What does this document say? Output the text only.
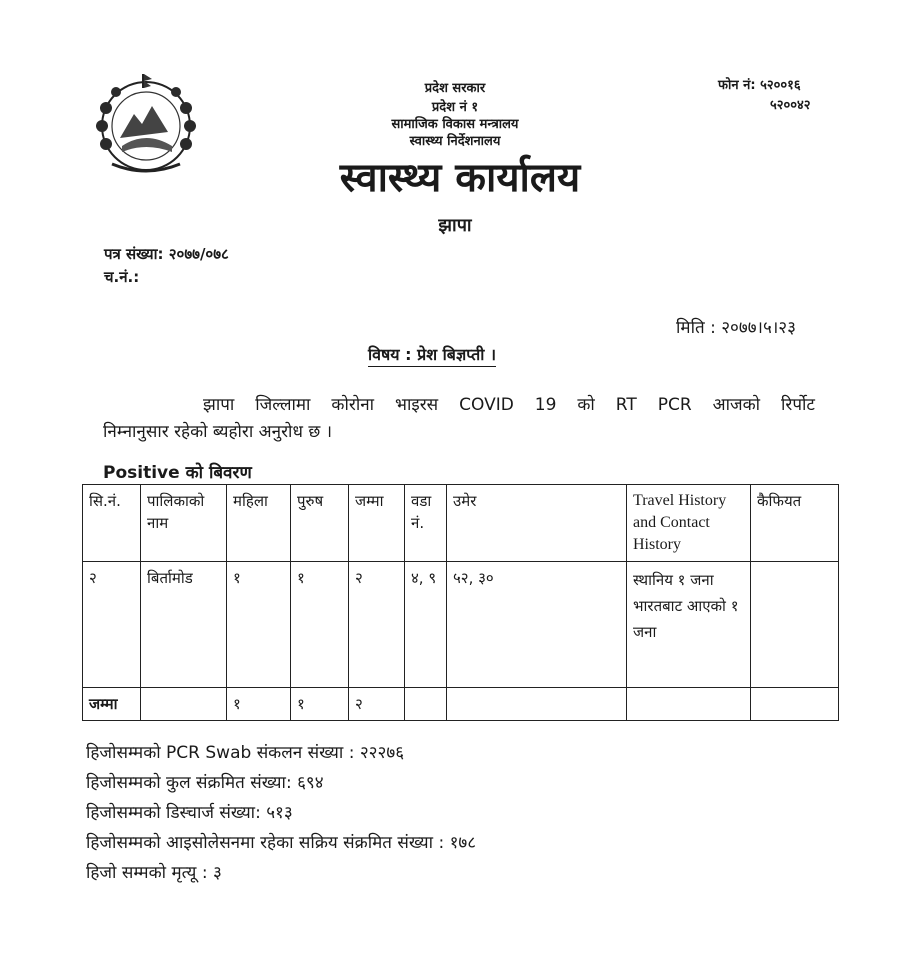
प्रदेश सरकार
प्रदेश नं १
सामाजिक विकास मन्त्रालय
स्वास्थ्य निर्देशनालय
स्वास्थ्य कार्यालय
झापा
फोन नं: ५२००१६
५२००४२
पत्र संख्या: २०७७/०७८
च.नं.:
मिति : २०७७।५।२३
विषय : प्रेश बिज्ञप्ती ।
झापा जिल्लामा कोरोना भाइरस COVID 19 को RT PCR आजको रिर्पोट
निम्नानुसार रहेको ब्यहोरा अनुरोध छ ।
Positive को बिवरण
सि.नं.	पालिकाको नाम	महिला	पुरुष	जम्मा	वडा नं.	उमेर	Travel History and Contact History	कैफियत
२	बिर्तामोड	१	१	२	४, ९	५२, ३०	स्थानिय १ जना भारतबाट आएको १ जना	
जम्मा		१	१	२				
हिजोसम्मको PCR Swab संकलन संख्या : २२२७६
हिजोसम्मको कुल संक्रमित संख्या: ६९४
हिजोसम्मको डिस्चार्ज संख्या: ५१३
हिजोसम्मको आइसोलेसनमा रहेका सक्रिय संक्रमित संख्या : १७८
हिजो सम्मको मृत्यू : ३
